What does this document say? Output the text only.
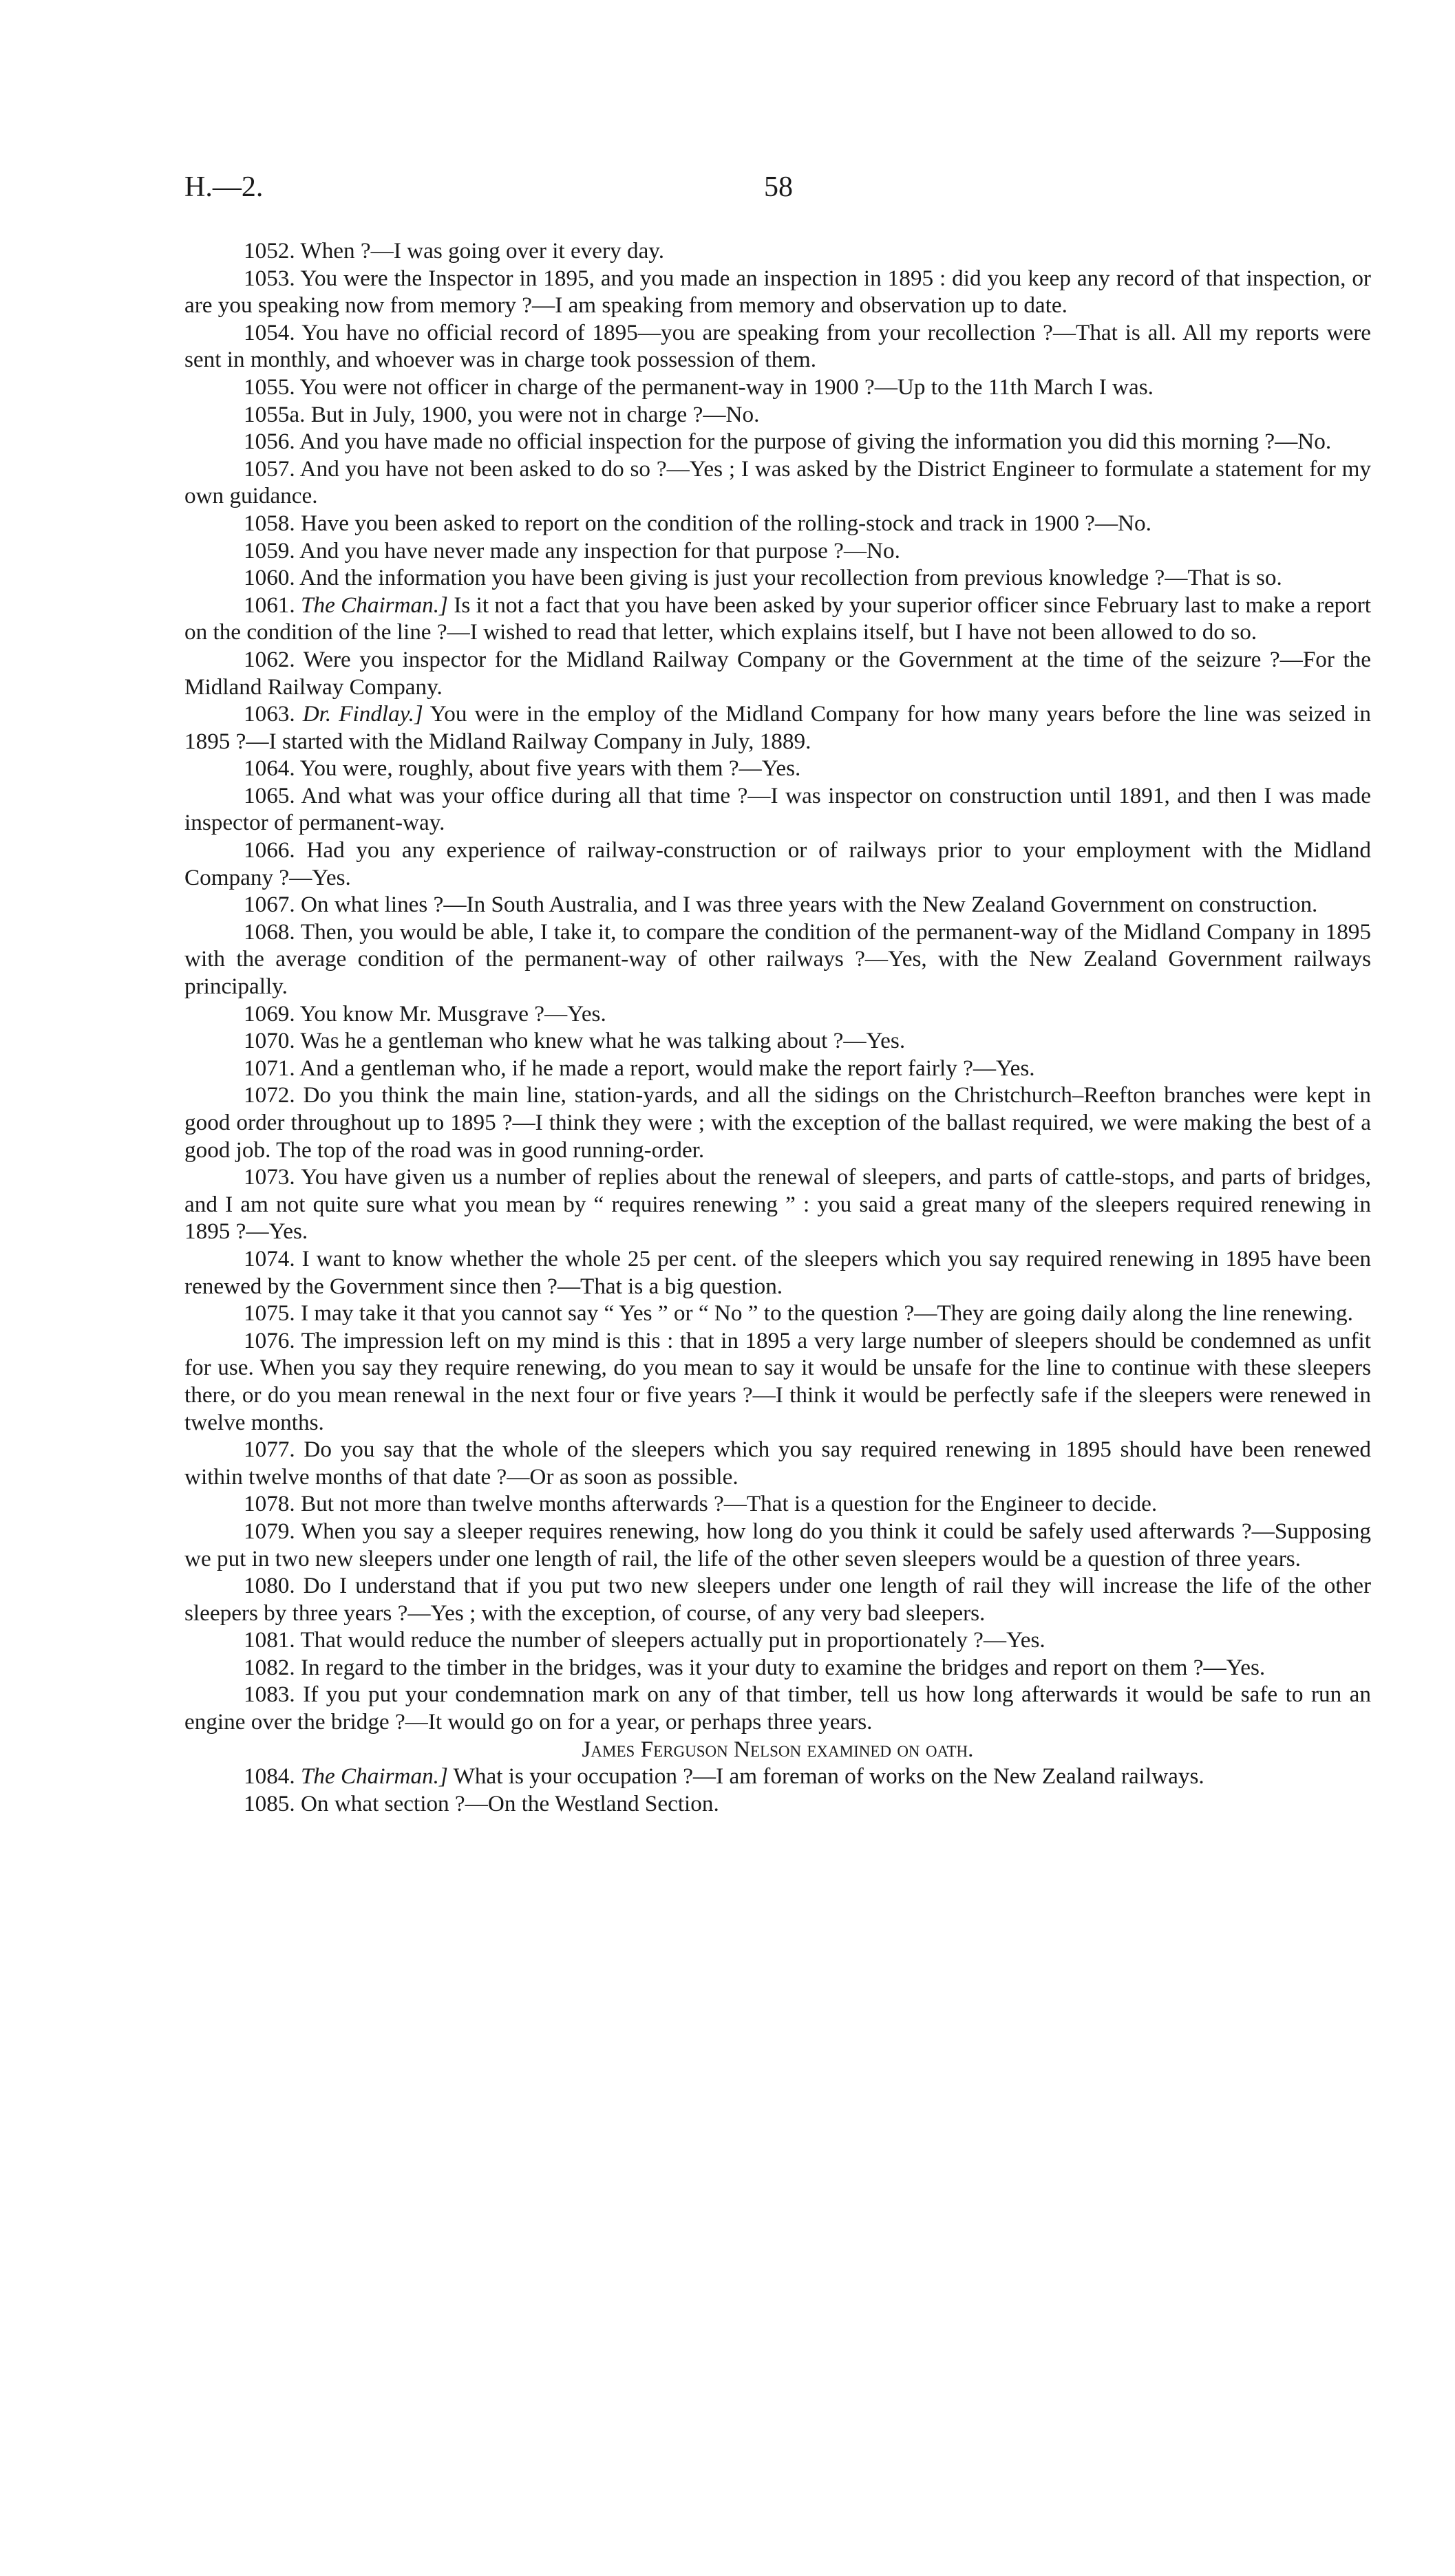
H.—2.	58

1052. When ?—I was going over it every day.

1053. You were the Inspector in 1895, and you made an inspection in 1895 : did you keep any record of that inspection, or are you speaking now from memory ?—I am speaking from memory and observation up to date.

1054. You have no official record of 1895—you are speaking from your recollection ?—That is all. All my reports were sent in monthly, and whoever was in charge took possession of them.

1055. You were not officer in charge of the permanent-way in 1900 ?—Up to the 11th March I was.

1055a. But in July, 1900, you were not in charge ?—No.

1056. And you have made no official inspection for the purpose of giving the information you did this morning ?—No.

1057. And you have not been asked to do so ?—Yes ; I was asked by the District Engineer to formulate a statement for my own guidance.

1058. Have you been asked to report on the condition of the rolling-stock and track in 1900 ?—No.

1059. And you have never made any inspection for that purpose ?—No.

1060. And the information you have been giving is just your recollection from previous knowledge ?—That is so.

1061. The Chairman.] Is it not a fact that you have been asked by your superior officer since February last to make a report on the condition of the line ?—I wished to read that letter, which explains itself, but I have not been allowed to do so.

1062. Were you inspector for the Midland Railway Company or the Government at the time of the seizure ?—For the Midland Railway Company.

1063. Dr. Findlay.] You were in the employ of the Midland Company for how many years before the line was seized in 1895 ?—I started with the Midland Railway Company in July, 1889.

1064. You were, roughly, about five years with them ?—Yes.

1065. And what was your office during all that time ?—I was inspector on construction until 1891, and then I was made inspector of permanent-way.

1066. Had you any experience of railway-construction or of railways prior to your employment with the Midland Company ?—Yes.

1067. On what lines ?—In South Australia, and I was three years with the New Zealand Government on construction.

1068. Then, you would be able, I take it, to compare the condition of the permanent-way of the Midland Company in 1895 with the average condition of the permanent-way of other railways ?—Yes, with the New Zealand Government railways principally.

1069. You know Mr. Musgrave ?—Yes.

1070. Was he a gentleman who knew what he was talking about ?—Yes.

1071. And a gentleman who, if he made a report, would make the report fairly ?—Yes.

1072. Do you think the main line, station-yards, and all the sidings on the Christchurch–Reefton branches were kept in good order throughout up to 1895 ?—I think they were ; with the exception of the ballast required, we were making the best of a good job. The top of the road was in good running-order.

1073. You have given us a number of replies about the renewal of sleepers, and parts of cattle-stops, and parts of bridges, and I am not quite sure what you mean by “ requires renewing ” : you said a great many of the sleepers required renewing in 1895 ?—Yes.

1074. I want to know whether the whole 25 per cent. of the sleepers which you say required renewing in 1895 have been renewed by the Government since then ?—That is a big question.

1075. I may take it that you cannot say “ Yes ” or “ No ” to the question ?—They are going daily along the line renewing.

1076. The impression left on my mind is this : that in 1895 a very large number of sleepers should be condemned as unfit for use. When you say they require renewing, do you mean to say it would be unsafe for the line to continue with these sleepers there, or do you mean renewal in the next four or five years ?—I think it would be perfectly safe if the sleepers were renewed in twelve months.

1077. Do you say that the whole of the sleepers which you say required renewing in 1895 should have been renewed within twelve months of that date ?—Or as soon as possible.

1078. But not more than twelve months afterwards ?—That is a question for the Engineer to decide.

1079. When you say a sleeper requires renewing, how long do you think it could be safely used afterwards ?—Supposing we put in two new sleepers under one length of rail, the life of the other seven sleepers would be a question of three years.

1080. Do I understand that if you put two new sleepers under one length of rail they will increase the life of the other sleepers by three years ?—Yes ; with the exception, of course, of any very bad sleepers.

1081. That would reduce the number of sleepers actually put in proportionately ?—Yes.

1082. In regard to the timber in the bridges, was it your duty to examine the bridges and report on them ?—Yes.

1083. If you put your condemnation mark on any of that timber, tell us how long afterwards it would be safe to run an engine over the bridge ?—It would go on for a year, or perhaps three years.

James Ferguson Nelson examined on oath.

1084. The Chairman.] What is your occupation ?—I am foreman of works on the New Zealand railways.

1085. On what section ?—On the Westland Section.
